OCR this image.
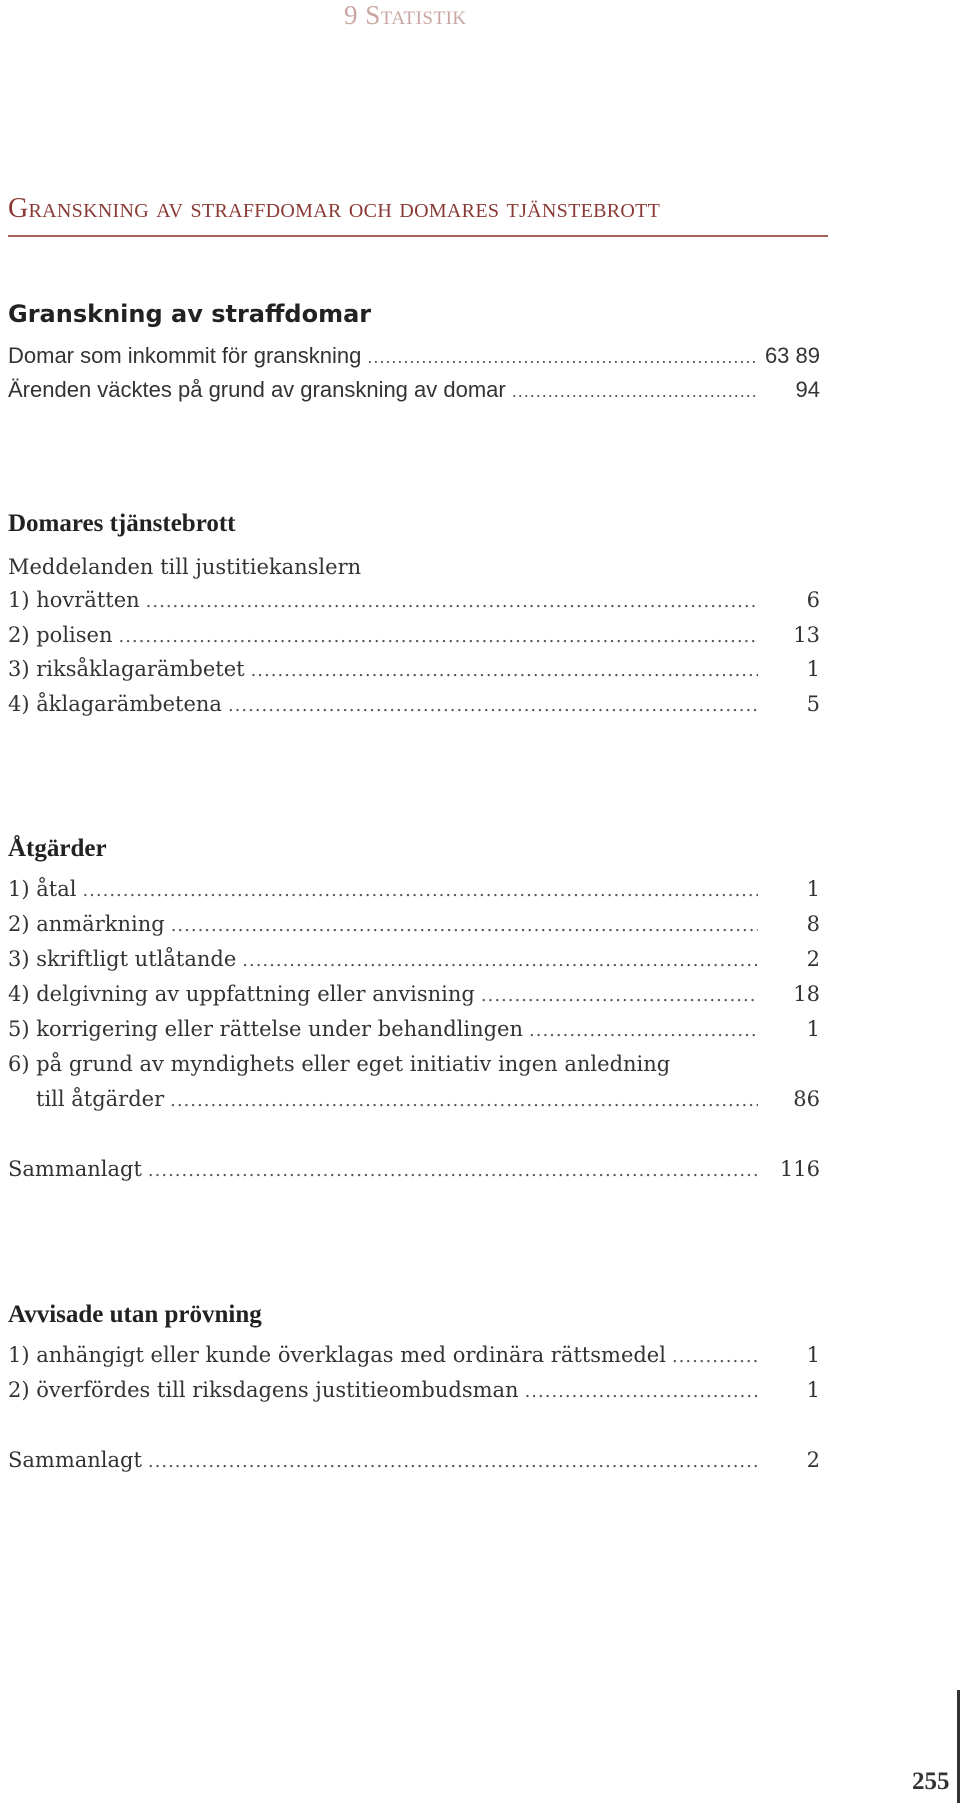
9 Statistik
Granskning av straffdomar och domares tjänstebrott
Granskning av straffdomar
Domar som inkommit för granskning .....	63 89
Ärenden väcktes på grund av granskning av domar .....	94
Domares tjänstebrott
Meddelanden till justitiekanslern
1) hovrätten .....	6
2) polisen .....	13
3) riksåklagarämbetet .....	1
4) åklagarämbetena .....	5
Åtgärder
1) åtal .....	1
2) anmärkning .....	8
3) skriftligt utlåtande .....	2
4) delgivning av uppfattning eller anvisning .....	18
5) korrigering eller rättelse under behandlingen .....	1
6) på grund av myndighets eller eget initiativ ingen anledning
till åtgärder .....	86
Sammanlagt .....	116
Avvisade utan prövning
1) anhängigt eller kunde överklagas med ordinära rättsmedel .....	1
2) överfördes till riksdagens justitieombudsman .....	1
Sammanlagt .....	2
255
